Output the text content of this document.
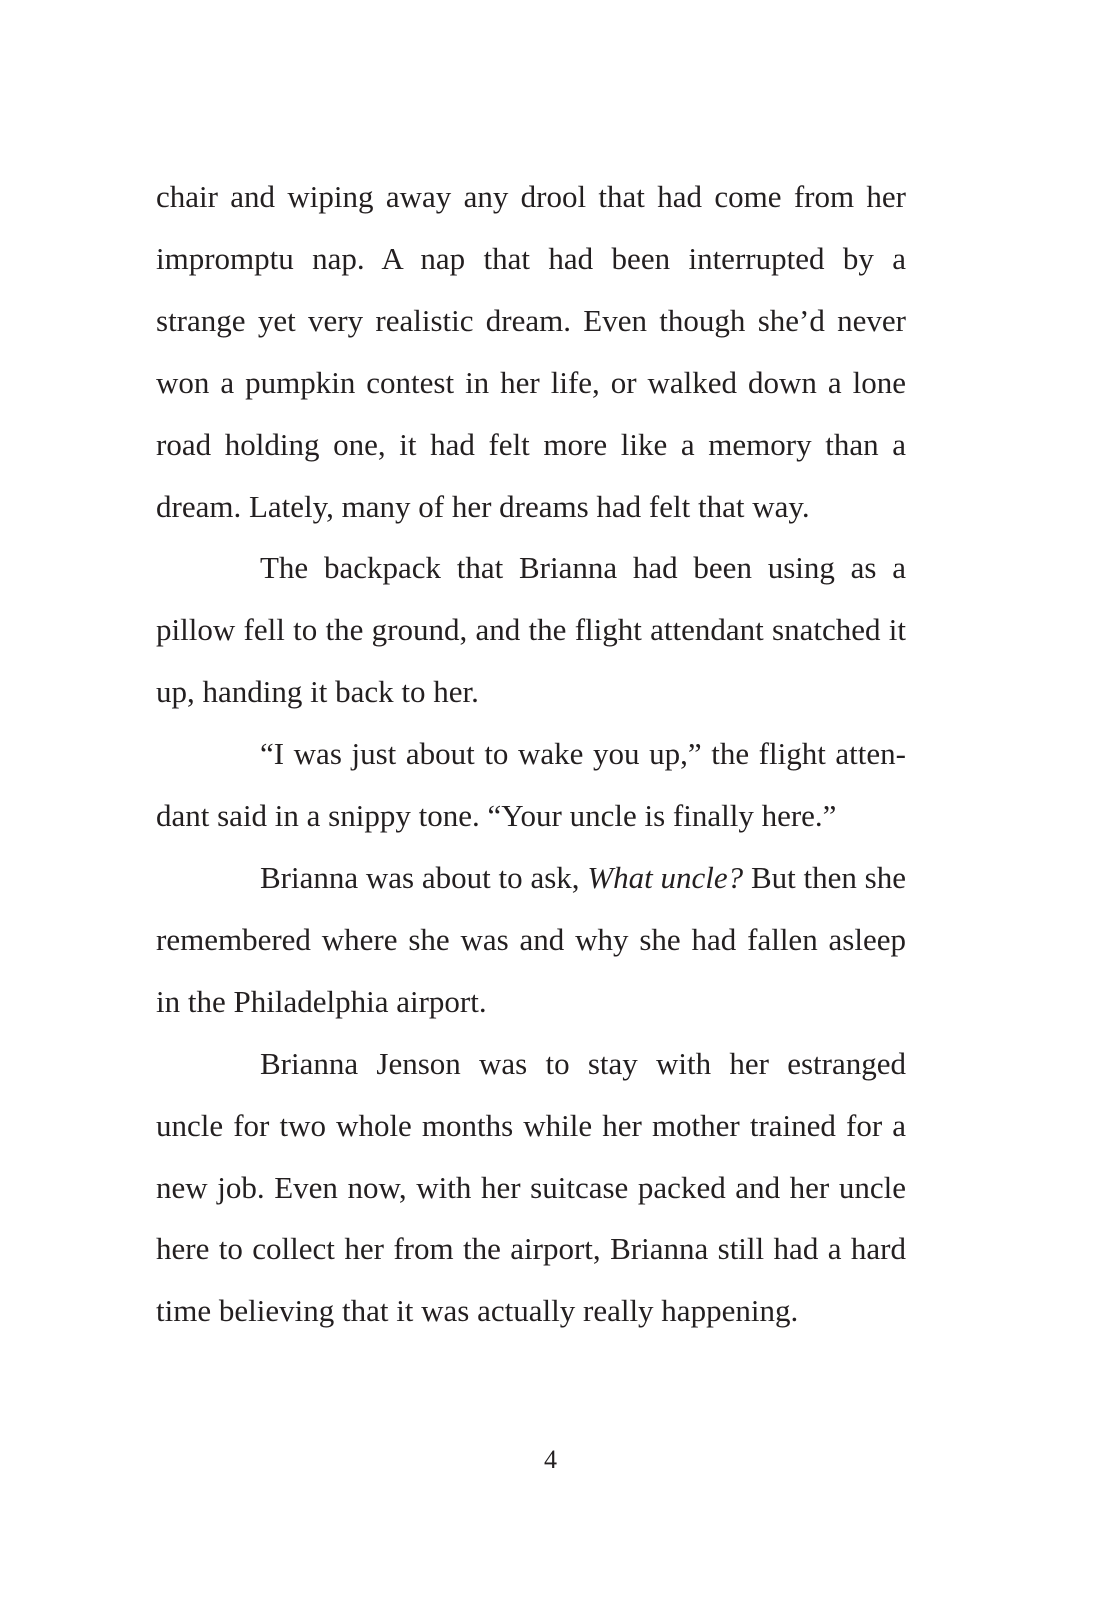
chair and wiping away any drool that had come from her impromptu nap. A nap that had been interrupted by a strange yet very realistic dream. Even though she’d never won a pumpkin contest in her life, or walked down a lone road holding one, it had felt more like a memory than a dream. Lately, many of her dreams had felt that way.

The backpack that Brianna had been using as a pillow fell to the ground, and the flight attendant snatched it up, handing it back to her.

“I was just about to wake you up,” the flight atten-dant said in a snippy tone. “Your uncle is finally here.”

Brianna was about to ask, What uncle? But then she remembered where she was and why she had fallen asleep in the Philadelphia airport.

Brianna Jenson was to stay with her estranged uncle for two whole months while her mother trained for a new job. Even now, with her suitcase packed and her uncle here to collect her from the airport, Brianna still had a hard time believing that it was actually really happening.

4
